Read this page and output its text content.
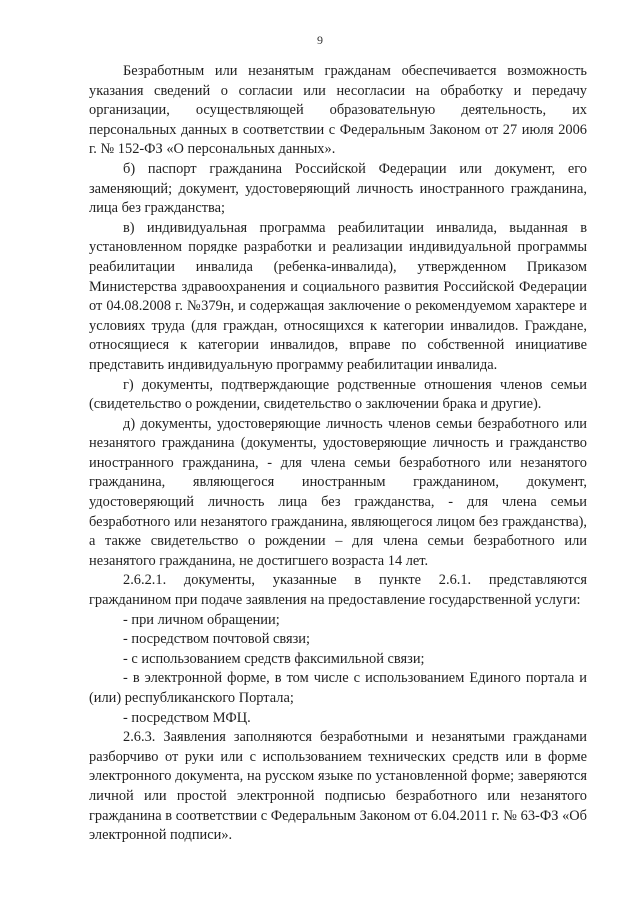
9

Безработным или незанятым гражданам обеспечивается возможность указания сведений о согласии или несогласии на обработку и передачу организации, осуществляющей образовательную деятельность, их персональных данных в соответствии с Федеральным Законом от 27 июля 2006 г. № 152-ФЗ «О персональных данных».

б) паспорт гражданина Российской Федерации или документ, его заменяющий; документ, удостоверяющий личность иностранного гражданина, лица без гражданства;

в) индивидуальная программа реабилитации инвалида, выданная в установленном порядке разработки и реализации индивидуальной программы реабилитации инвалида (ребенка-инвалида), утвержденном Приказом Министерства здравоохранения и социального развития Российской Федерации от 04.08.2008 г. №379н, и содержащая заключение о рекомендуемом характере и условиях труда (для граждан, относящихся к категории инвалидов. Граждане, относящиеся к категории инвалидов, вправе по собственной инициативе представить индивидуальную программу реабилитации инвалида.

г) документы, подтверждающие родственные отношения членов семьи (свидетельство о рождении, свидетельство о заключении брака и другие).

д) документы, удостоверяющие личность членов семьи безработного или незанятого гражданина (документы, удостоверяющие личность и гражданство иностранного гражданина, - для члена семьи безработного или незанятого гражданина, являющегося иностранным гражданином, документ, удостоверяющий личность лица без гражданства, - для члена семьи безработного или незанятого гражданина, являющегося лицом без гражданства), а также свидетельство о рождении – для члена семьи безработного или незанятого гражданина, не достигшего возраста 14 лет.

2.6.2.1. документы, указанные в пункте 2.6.1. представляются гражданином при подаче заявления на предоставление государственной услуги:

- при личном обращении;

- посредством почтовой связи;

- с использованием средств факсимильной связи;

- в электронной форме, в том числе с использованием Единого портала и (или) республиканского Портала;

- посредством МФЦ.

2.6.3. Заявления заполняются безработными и незанятыми гражданами разборчиво от руки или с использованием технических средств или в форме электронного документа, на русском языке по установленной форме; заверяются личной или простой электронной подписью безработного или незанятого гражданина в соответствии с Федеральным Законом от 6.04.2011 г. № 63-ФЗ «Об электронной подписи».
